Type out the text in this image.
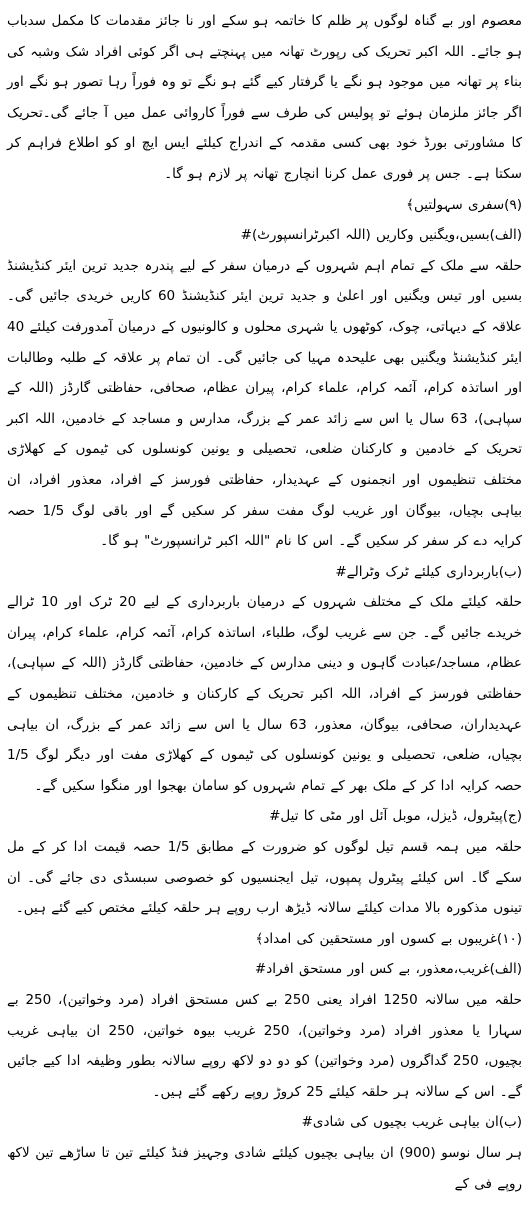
معصوم اور بے گناہ لوگوں پر ظلم کا خاتمہ ہو سکے اور نا جائز مقدمات کا مکمل سدباب ہو جائے۔ اللہ اکبر تحریک کی رپورٹ تھانہ میں پہنچتے ہی اگر کوئی افراد شک وشبہ کی بناء پر تھانہ میں موجود ہو نگے یا گرفتار کیے گئے ہو نگے تو وہ فوراً رہا تصور ہو نگے اور اگر جائز ملزمان ہوئے تو پولیس کی طرف سے فوراً کاروائی عمل میں آ جائے گی۔تحریک کا مشاورتی بورڈ خود بھی کسی مقدمہ کے اندراج کیلئے ایس ایچ او کو اطلاع فراہم کر سکتا ہے۔ جس پر فوری عمل کرنا انچارج تھانہ پر لازم ہو گا۔

(۹)سفری سہولتیں﴾

(الف)بسیں،ویگنیں وکاریں (اللہ اکبرٹرانسپورٹ)#

حلقہ سے ملک کے تمام اہم شہروں کے درمیان سفر کے لیے پندرہ جدید ترین ایئر کنڈیشنڈ بسیں اور تیس ویگنیں اور اعلیٰ و جدید ترین ایئر کنڈیشنڈ 60 کاریں خریدی جائیں گی۔علاقہ کے دیہاتی، چوک، کوٹھوں یا شہری محلوں و کالونیوں کے درمیان آمدورفت کیلئے 40 ایئر کنڈیشنڈ ویگنیں بھی علیحدہ مہیا کی جائیں گی۔ ان تمام پر علاقہ کے طلبہ وطالبات اور اساتذہ کرام، آئمہ کرام، علماء کرام، پیران عظام، صحافی، حفاظتی گارڈز (اللہ کے سپاہی)، 63 سال یا اس سے زائد عمر کے بزرگ، مدارس و مساجد کے خادمین، اللہ اکبر تحریک کے خادمین و کارکنان ضلعی، تحصیلی و یونین کونسلوں کی ٹیموں کے کھلاڑی مختلف تنظیموں اور انجمنوں کے عہدیدار، حفاظتی فورسز کے افراد، معذور افراد، ان بیاہی بچیاں، بیوگان اور غریب لوگ مفت سفر کر سکیں گے اور باقی لوگ 1/5 حصہ کرایہ دے کر سفر کر سکیں گے۔ اس کا نام "اللہ اکبر ٹرانسپورٹ" ہو گا۔

(ب)باربرداری کیلئے ٹرک وٹرالے#

حلقہ کیلئے ملک کے مختلف شہروں کے درمیان باربرداری کے لیے 20 ٹرک اور 10 ٹرالے خریدے جائیں گے۔ جن سے غریب لوگ، طلباء، اساتذہ کرام، آئمہ کرام، علماء کرام، پیران عظام، مساجد/عبادت گاہوں و دینی مدارس کے خادمین، حفاظتی گارڈز (اللہ کے سپاہی)، حفاظتی فورسز کے افراد، اللہ اکبر تحریک کے کارکنان و خادمین، مختلف تنظیموں کے عہدیداران، صحافی، بیوگان، معذور، 63 سال یا اس سے زائد عمر کے بزرگ، ان بیاہی بچیاں، ضلعی، تحصیلی و یونین کونسلوں کی ٹیموں کے کھلاڑی مفت اور دیگر لوگ 1/5 حصہ کرایہ ادا کر کے ملک بھر کے تمام شہروں کو سامان بھجوا اور منگوا سکیں گے۔

(ج)پیٹرول، ڈیزل، موبل آئل اور مٹی کا تیل#

حلقہ میں ہمہ قسم تیل لوگوں کو ضرورت کے مطابق 1/5 حصہ قیمت ادا کر کے مل سکے گا۔ اس کیلئے پیٹرول پمپوں، تیل ایجنسیوں کو خصوصی سبسڈی دی جائے گی۔ ان تینوں مذکورہ بالا مدات کیلئے سالانہ ڈیڑھ ارب روپے ہر حلقہ کیلئے مختص کیے گئے ہیں۔

(۱۰)غریبوں بے کسوں اور مستحقین کی امداد﴾

(الف)غریب،معذور، بے کس اور مستحق افراد#

حلقہ میں سالانہ 1250 افراد یعنی 250 بے کس مستحق افراد (مرد وخواتین)، 250 بے سہارا یا معذور افراد (مرد وخواتین)، 250 غریب بیوہ خواتین، 250 ان بیاہی غریب بچیوں، 250 گداگروں (مرد وخواتین) کو دو دو لاکھ روپے سالانہ بطور وظیفہ ادا کیے جائیں گے۔ اس کے سالانہ ہر حلقہ کیلئے 25 کروڑ روپے رکھے گئے ہیں۔

(ب)ان بیاہی غریب بچیوں کی شادی#

ہر سال نوسو (900) ان بیاہی بچیوں کیلئے شادی وجہیز فنڈ کیلئے تین تا ساڑھے تین لاکھ روپے فی کے
